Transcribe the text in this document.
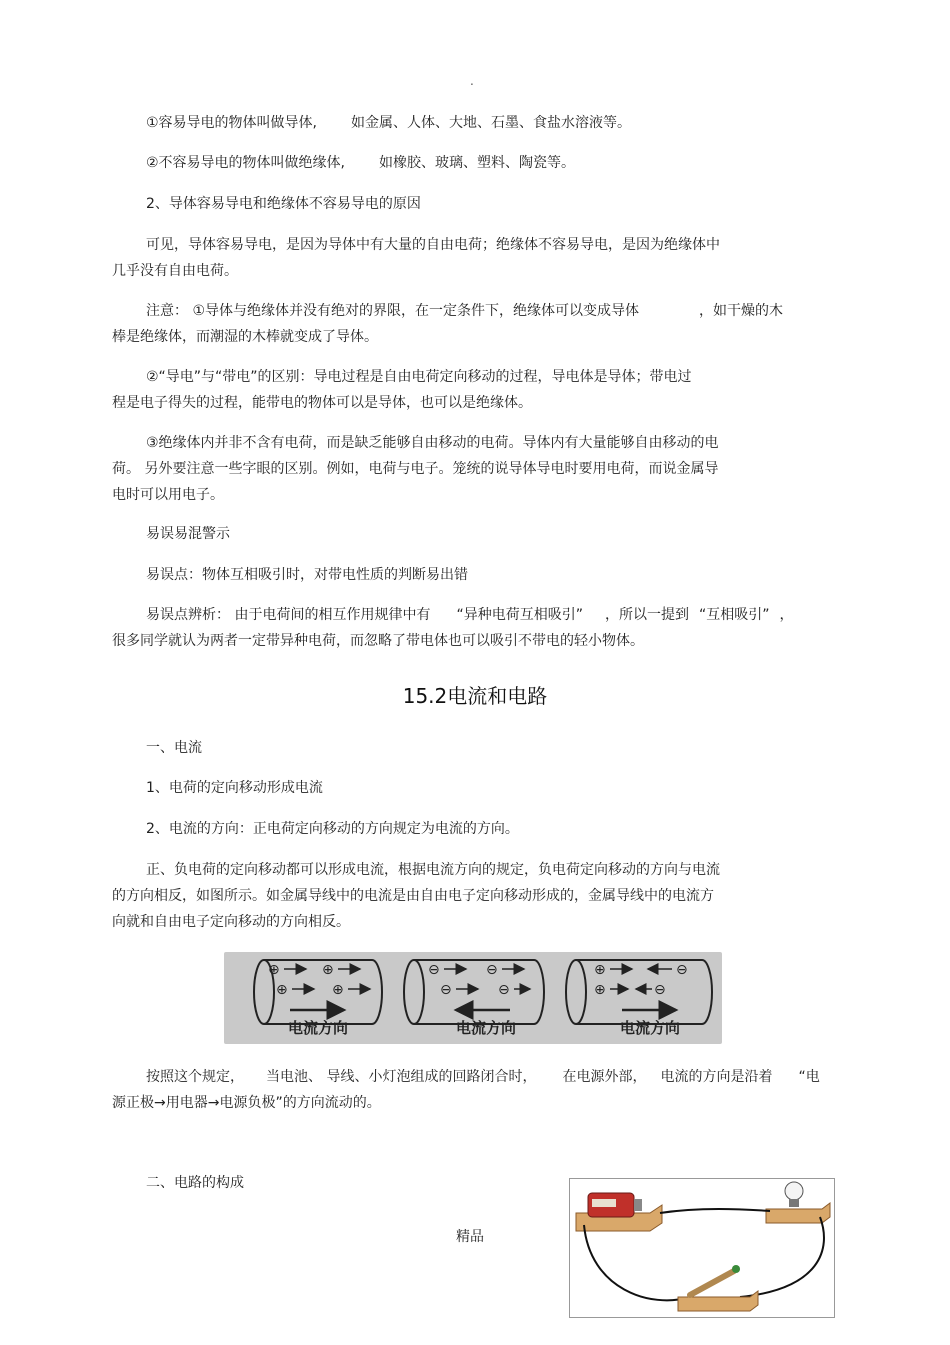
.

①容易导电的物体叫做导体, 如金属、人体、大地、石墨、食盐水溶液等。

②不容易导电的物体叫做绝缘体, 如橡胶、玻璃、塑料、陶瓷等。

2、导体容易导电和绝缘体不容易导电的原因

可见，导体容易导电，是因为导体中有大量的自由电荷；绝缘体不容易导电，是因为绝缘体中

几乎没有自由电荷。

注意： ①导体与绝缘体并没有绝对的界限，在一定条件下，绝缘体可以变成导体	，如干燥的木

棒是绝缘体，而潮湿的木棒就变成了导体。

②“导电”与“带电”的区别：导电过程是自由电荷定向移动的过程，导电体是导体；带电过

程是电子得失的过程，能带电的物体可以是导体，也可以是绝缘体。

③绝缘体内并非不含有电荷，而是缺乏能够自由移动的电荷。导体内有大量能够自由移动的电

荷。 另外要注意一些字眼的区别。例如，电荷与电子。笼统的说导体导电时要用电荷，而说金属导

电时可以用电子。

易误易混警示

易误点：物体互相吸引时，对带电性质的判断易出错

易误点辨析： 由于电荷间的相互作用规律中有 “异种电荷互相吸引” ，所以一提到 “互相吸引” ，

很多同学就认为两者一定带异种电荷，而忽略了带电体也可以吸引不带电的轻小物体。

15.2电流和电路

一、电流

1、电荷的定向移动形成电流

2、电流的方向：正电荷定向移动的方向规定为电流的方向。

正、负电荷的定向移动都可以形成电流，根据电流方向的规定，负电荷定向移动的方向与电流

的方向相反，如图所示。如金属导线中的电流是由自由电子定向移动形成的，金属导线中的电流方

向就和自由电子定向移动的方向相反。

⊕	⊕
⊕	⊕
电流方向
⊖	⊖
⊖	⊖
电流方向
⊕	⊖
⊕	⊖
电流方向

按照这个规定， 当电池、 导线、小灯泡组成的回路闭合时， 在电源外部， 电流的方向是沿着 “电

源正极→用电器→电源负极”的方向流动的。

二、电路的构成

精品
